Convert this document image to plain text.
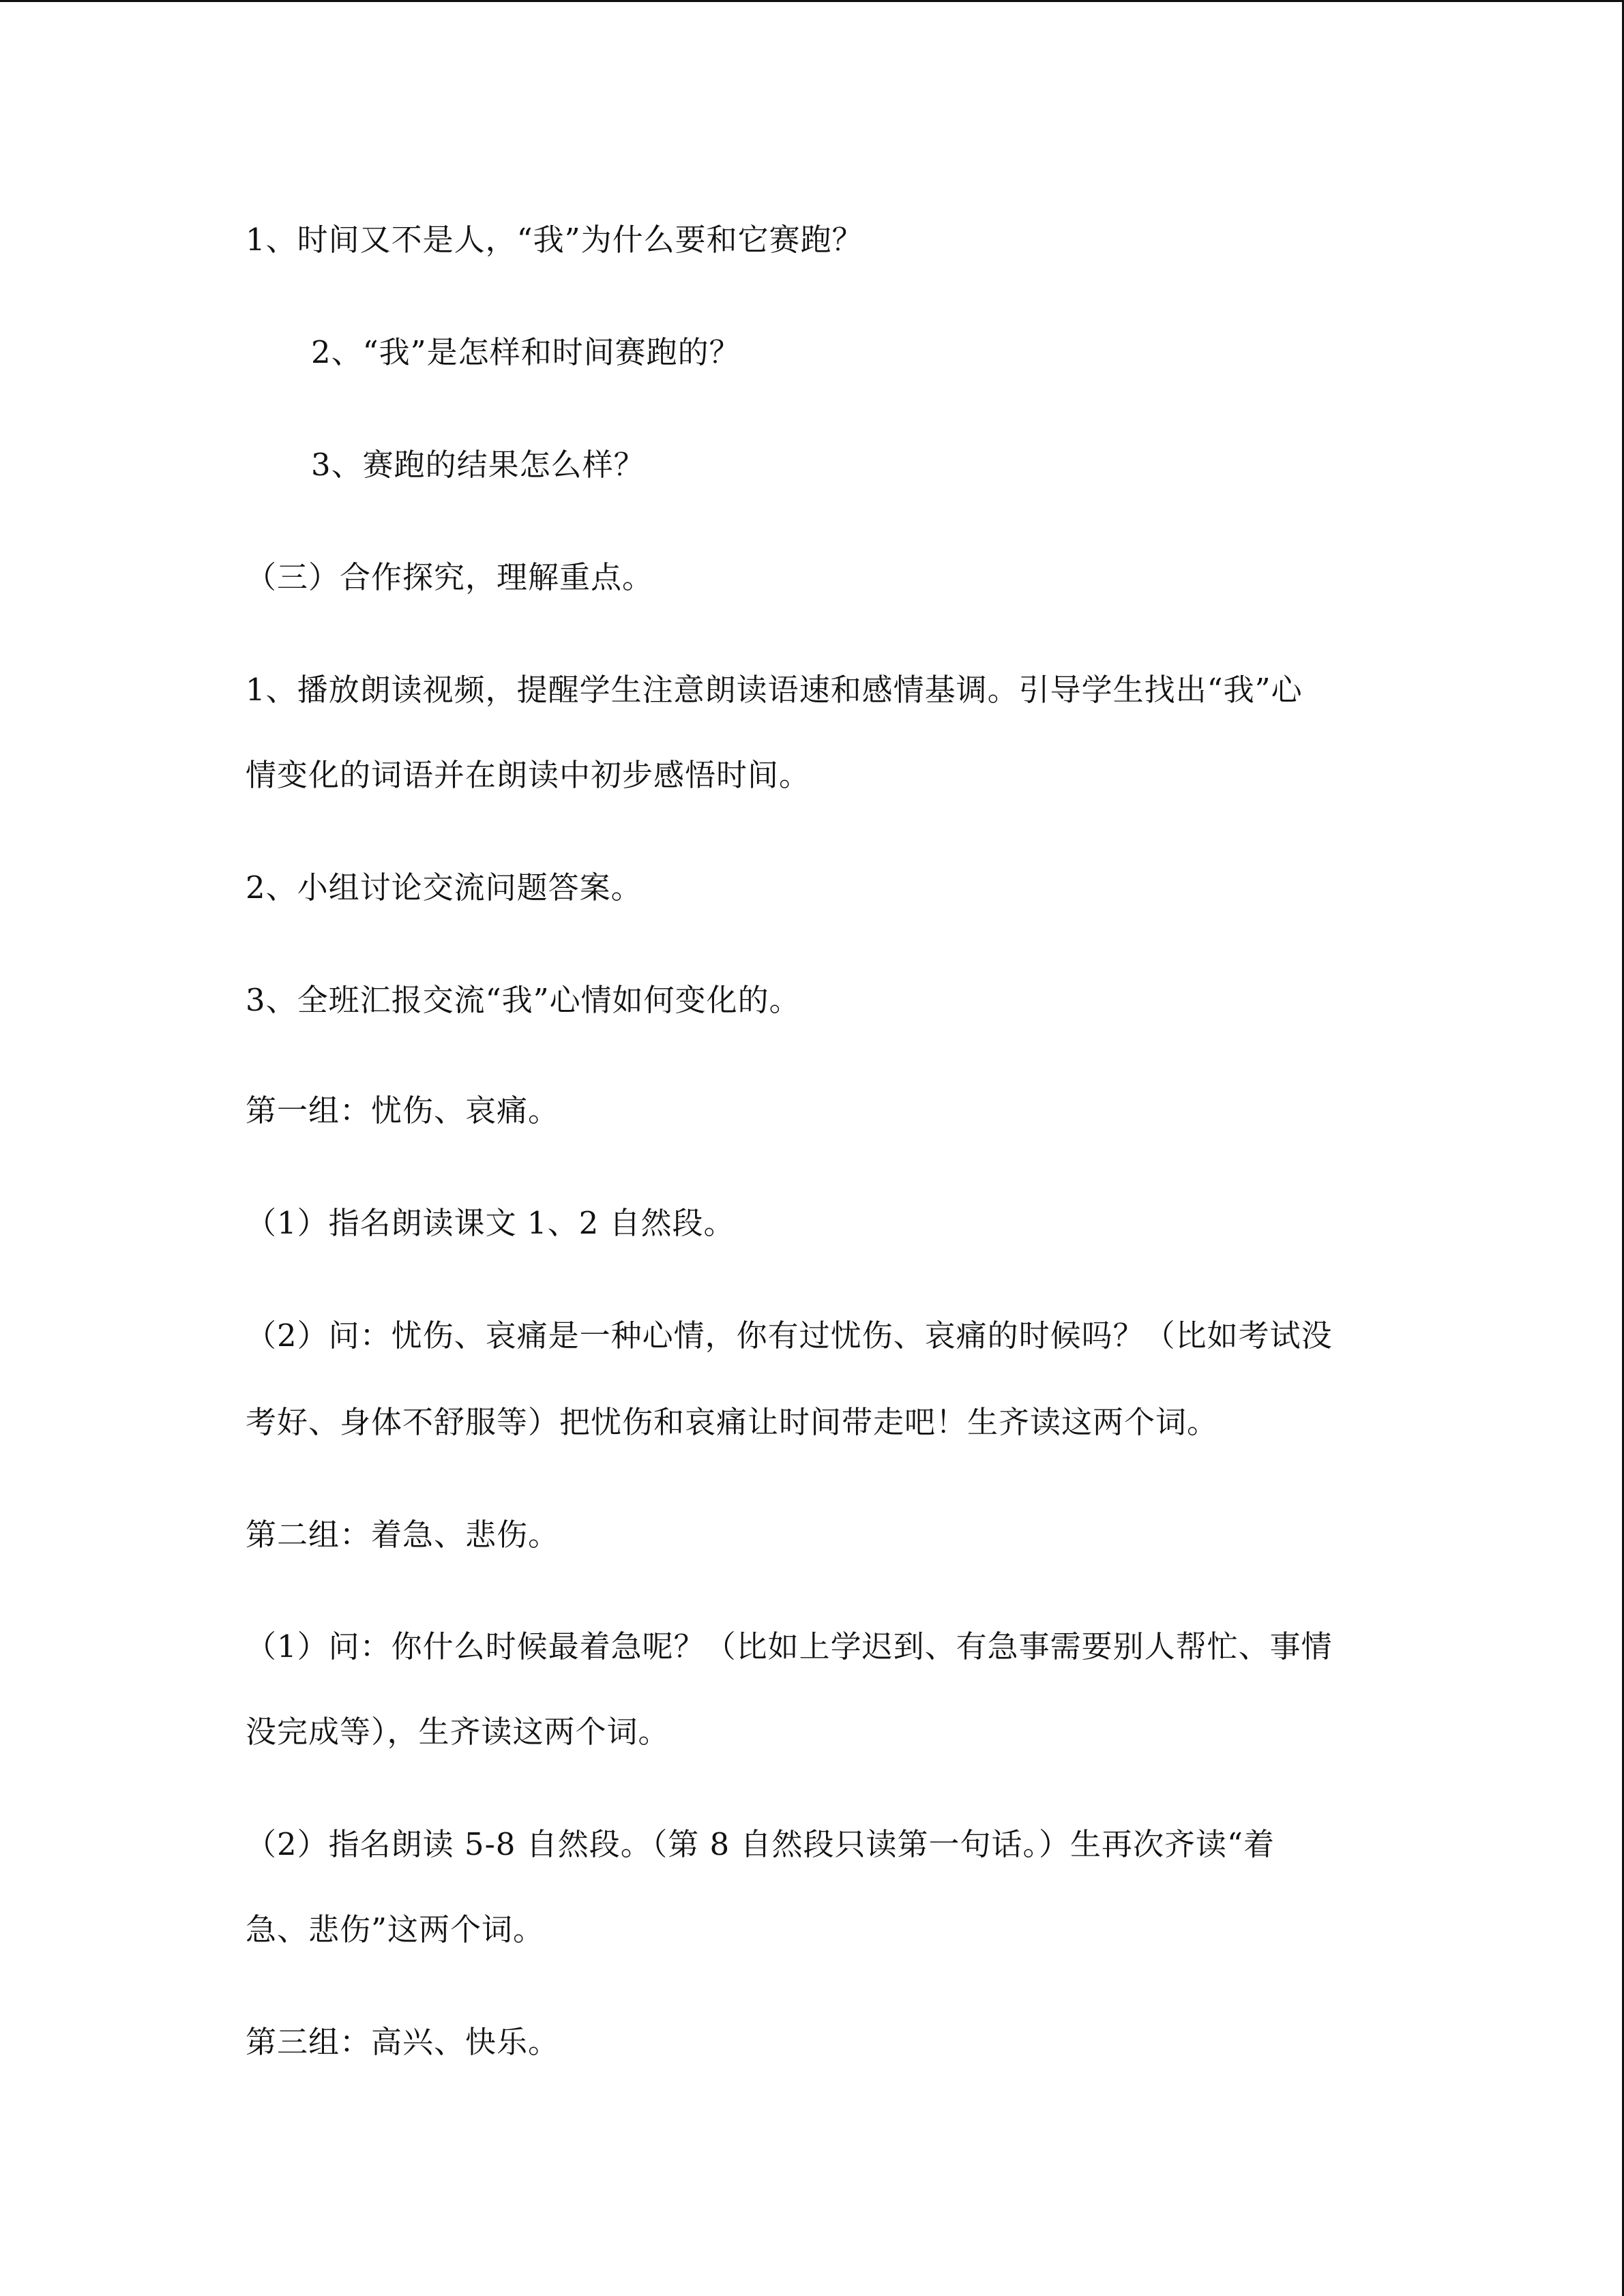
1、时间又不是人，“我”为什么要和它赛跑？
2、“我”是怎样和时间赛跑的？
3、赛跑的结果怎么样？
（三）合作探究，理解重点。
1、播放朗读视频，提醒学生注意朗读语速和感情基调。引导学生找出“我”心
情变化的词语并在朗读中初步感悟时间。
2、小组讨论交流问题答案。
3、全班汇报交流“我”心情如何变化的。
第一组：忧伤、哀痛。
（1）指名朗读课文 1、2 自然段。
（2）问：忧伤、哀痛是一种心情，你有过忧伤、哀痛的时候吗？（比如考试没
考好、身体不舒服等）把忧伤和哀痛让时间带走吧！生齐读这两个词。
第二组：着急、悲伤。
（1）问：你什么时候最着急呢？（比如上学迟到、有急事需要别人帮忙、事情
没完成等），生齐读这两个词。
（2）指名朗读 5-8 自然段。（第 8 自然段只读第一句话。）生再次齐读“着
急、悲伤”这两个词。
第三组：高兴、快乐。
